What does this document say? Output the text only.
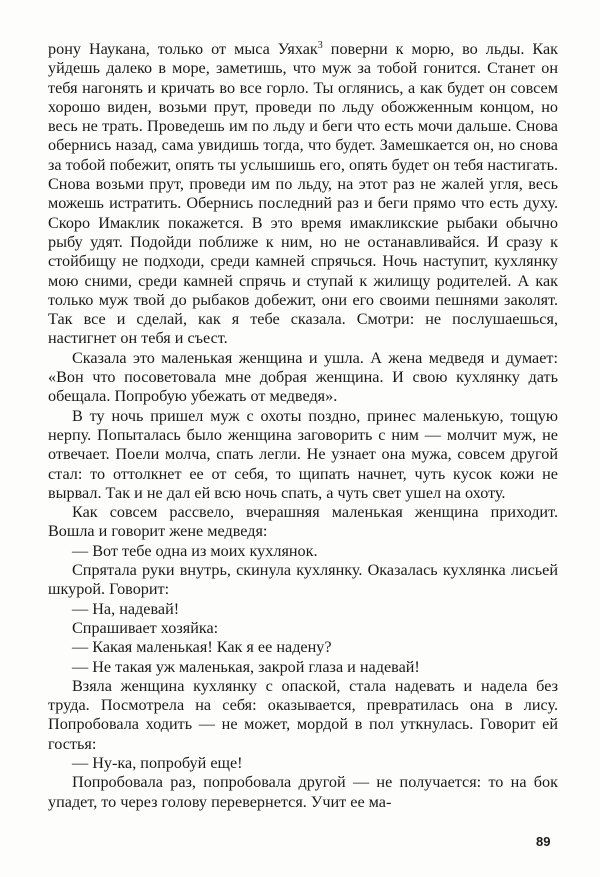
рону Наукана, только от мыса Уяхак$^3$ поверни к морю, во льды. Как уйдешь далеко в море, заметишь, что муж за тобой гонится. Станет он тебя нагонять и кричать во все горло. Ты оглянись, а как будет он совсем хорошо виден, возьми прут, проведи по льду обожженным концом, но весь не трать. Проведешь им по льду и беги что есть мочи дальше. Снова обернись назад, сама увидишь тогда, что будет. Замешкается он, но снова за тобой побежит, опять ты услышишь его, опять будет он тебя настигать. Снова возьми прут, проведи им по льду, на этот раз не жалей угля, весь можешь истратить. Обернись последний раз и беги прямо что есть духу. Скоро Имаклик покажется. В это время имакликские рыбаки обычно рыбу удят. Подойди поближе к ним, но не останавливайся. И сразу к стойбищу не подходи, среди камней спрячься. Ночь наступит, кухлянку мою сними, среди камней спрячь и ступай к жилищу родителей. А как только муж твой до рыбаков добежит, они его своими пешнями заколят. Так все и сделай, как я тебе сказала. Смотри: не послушаешься, настигнет он тебя и съест.

Сказала это маленькая женщина и ушла. А жена медведя и думает: «Вон что посоветовала мне добрая женщина. И свою кухлянку дать обещала. Попробую убежать от медведя».

В ту ночь пришел муж с охоты поздно, принес маленькую, тощую нерпу. Попыталась было женщина заговорить с ним — молчит муж, не отвечает. Поели молча, спать легли. Не узнает она мужа, совсем другой стал: то оттолкнет ее от себя, то щипать начнет, чуть кусок кожи не вырвал. Так и не дал ей всю ночь спать, а чуть свет ушел на охоту.

Как совсем рассвело, вчерашняя маленькая женщина приходит. Вошла и говорит жене медведя:

— Вот тебе одна из моих кухлянок.

Спрятала руки внутрь, скинула кухлянку. Оказалась кухлянка лисьей шкурой. Говорит:

— На, надевай!

Спрашивает хозяйка:

— Какая маленькая! Как я ее надену?

— Не такая уж маленькая, закрой глаза и надевай!

Взяла женщина кухлянку с опаской, стала надевать и надела без труда. Посмотрела на себя: оказывается, превратилась она в лису. Попробовала ходить — не может, мордой в пол уткнулась. Говорит ей гостья:

— Ну-ка, попробуй еще!

Попробовала раз, попробовала другой — не получается: то на бок упадет, то через голову перевернется. Учит ее ма-

89
